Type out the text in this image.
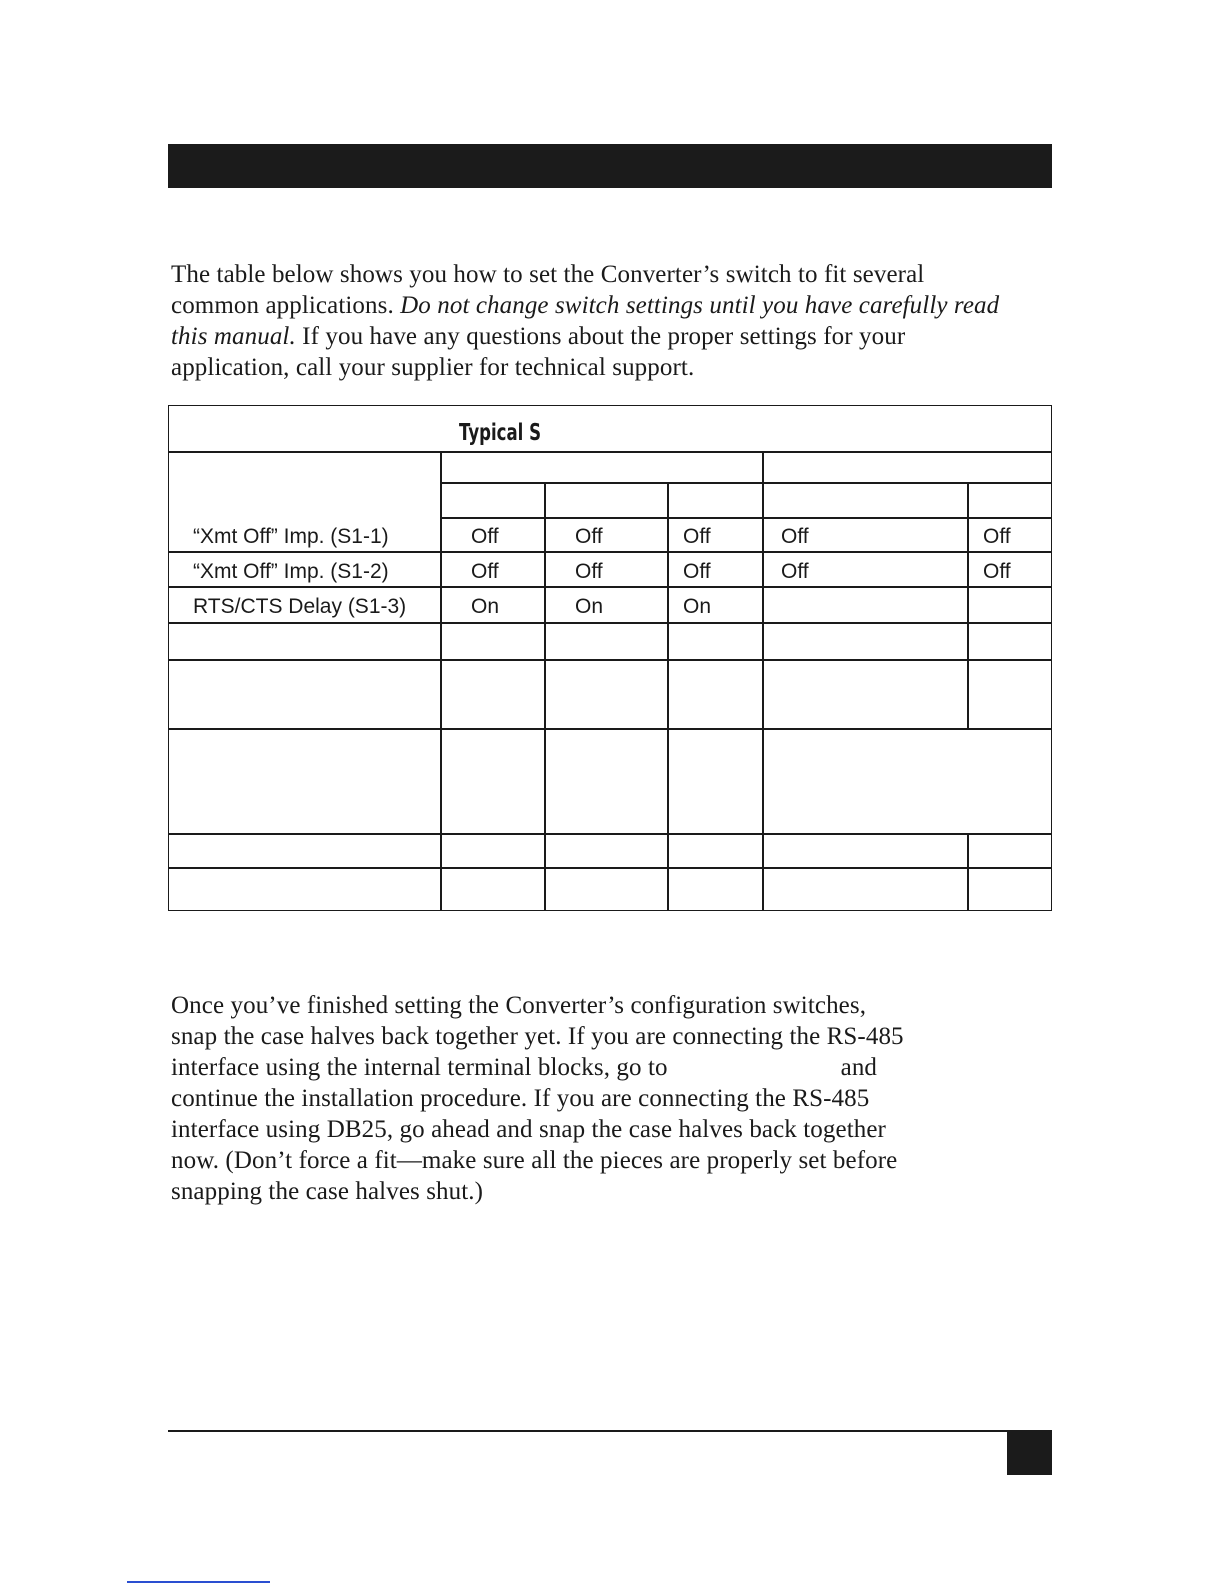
The table below shows you how to set the Converter’s switch to fit several
common applications. Do not change switch settings until you have carefully read
this manual. If you have any questions about the proper settings for your
application, call your supplier for technical support.

Typical S
“Xmt Off” Imp. (S1-1)	Off	Off	Off	Off	Off
“Xmt Off” Imp. (S1-2)	Off	Off	Off	Off	Off
RTS/CTS Delay (S1-3)	On	On	On

Once you’ve finished setting the Converter’s configuration switches,
snap the case halves back together yet. If you are connecting the RS-485
interface using the internal terminal blocks, go to	and
continue the installation procedure. If you are connecting the RS-485
interface using DB25, go ahead and snap the case halves back together
now. (Don’t force a fit—make sure all the pieces are properly set before
snapping the case halves shut.)
